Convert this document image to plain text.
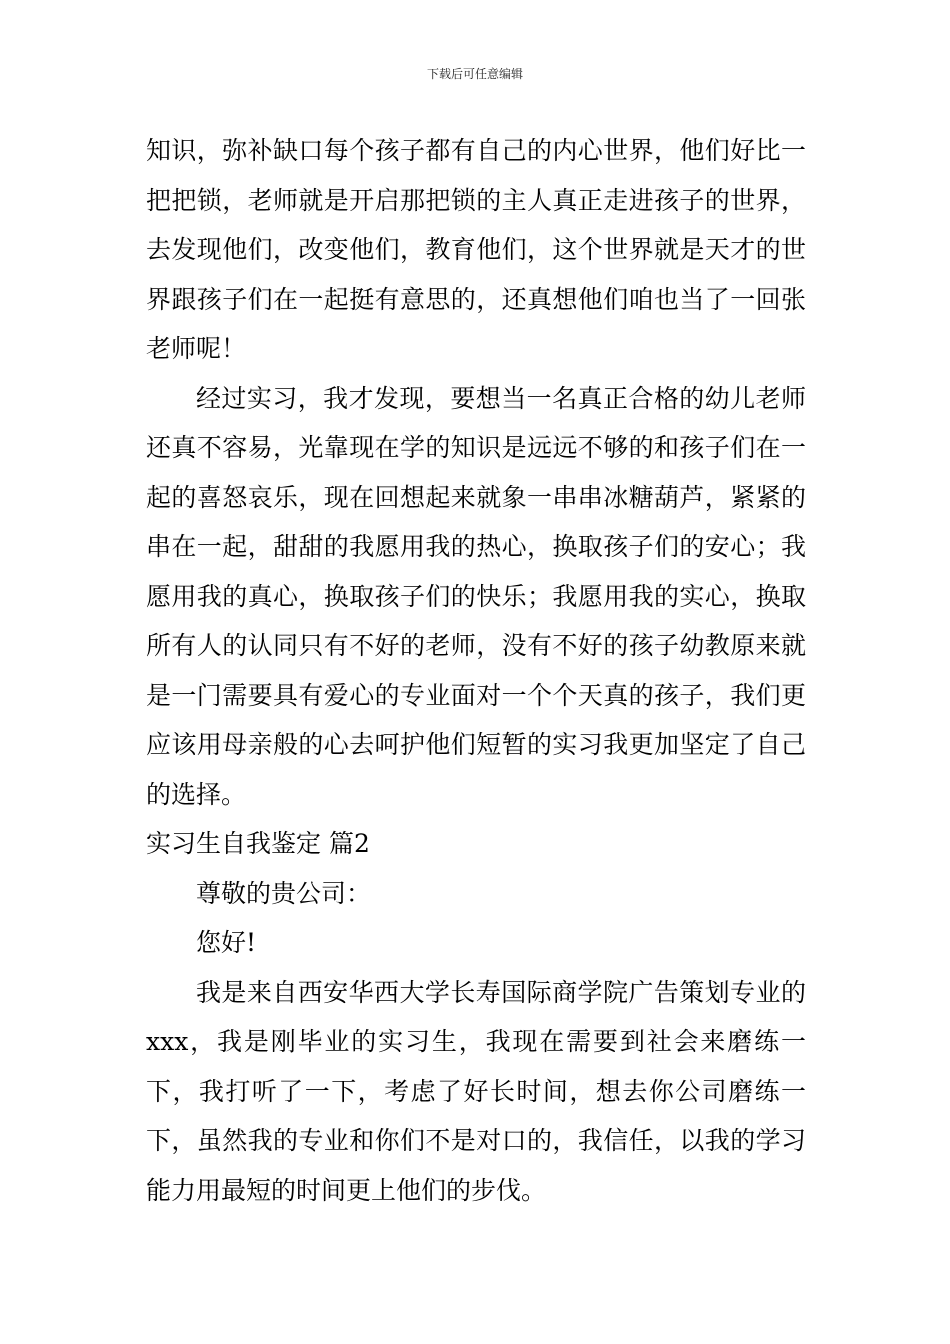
下载后可任意编辑

知识，弥补缺口每个孩子都有自己的内心世界，他们好比一把把锁，老师就是开启那把锁的主人真正走进孩子的世界，去发现他们，改变他们，教育他们，这个世界就是天才的世界跟孩子们在一起挺有意思的，还真想他们咱也当了一回张老师呢！

经过实习，我才发现，要想当一名真正合格的幼儿老师还真不容易，光靠现在学的知识是远远不够的和孩子们在一起的喜怒哀乐，现在回想起来就象一串串冰糖葫芦，紧紧的串在一起，甜甜的我愿用我的热心，换取孩子们的安心；我愿用我的真心，换取孩子们的快乐；我愿用我的实心，换取所有人的认同只有不好的老师，没有不好的孩子幼教原来就是一门需要具有爱心的专业面对一个个天真的孩子，我们更应该用母亲般的心去呵护他们短暂的实习我更加坚定了自己的选择。

实习生自我鉴定 篇2

尊敬的贵公司：

您好!

我是来自西安华西大学长寿国际商学院广告策划专业的xxx，我是刚毕业的实习生，我现在需要到社会来磨练一下，我打听了一下，考虑了好长时间，想去你公司磨练一下，虽然我的专业和你们不是对口的，我信任，以我的学习能力用最短的时间更上他们的步伐。
